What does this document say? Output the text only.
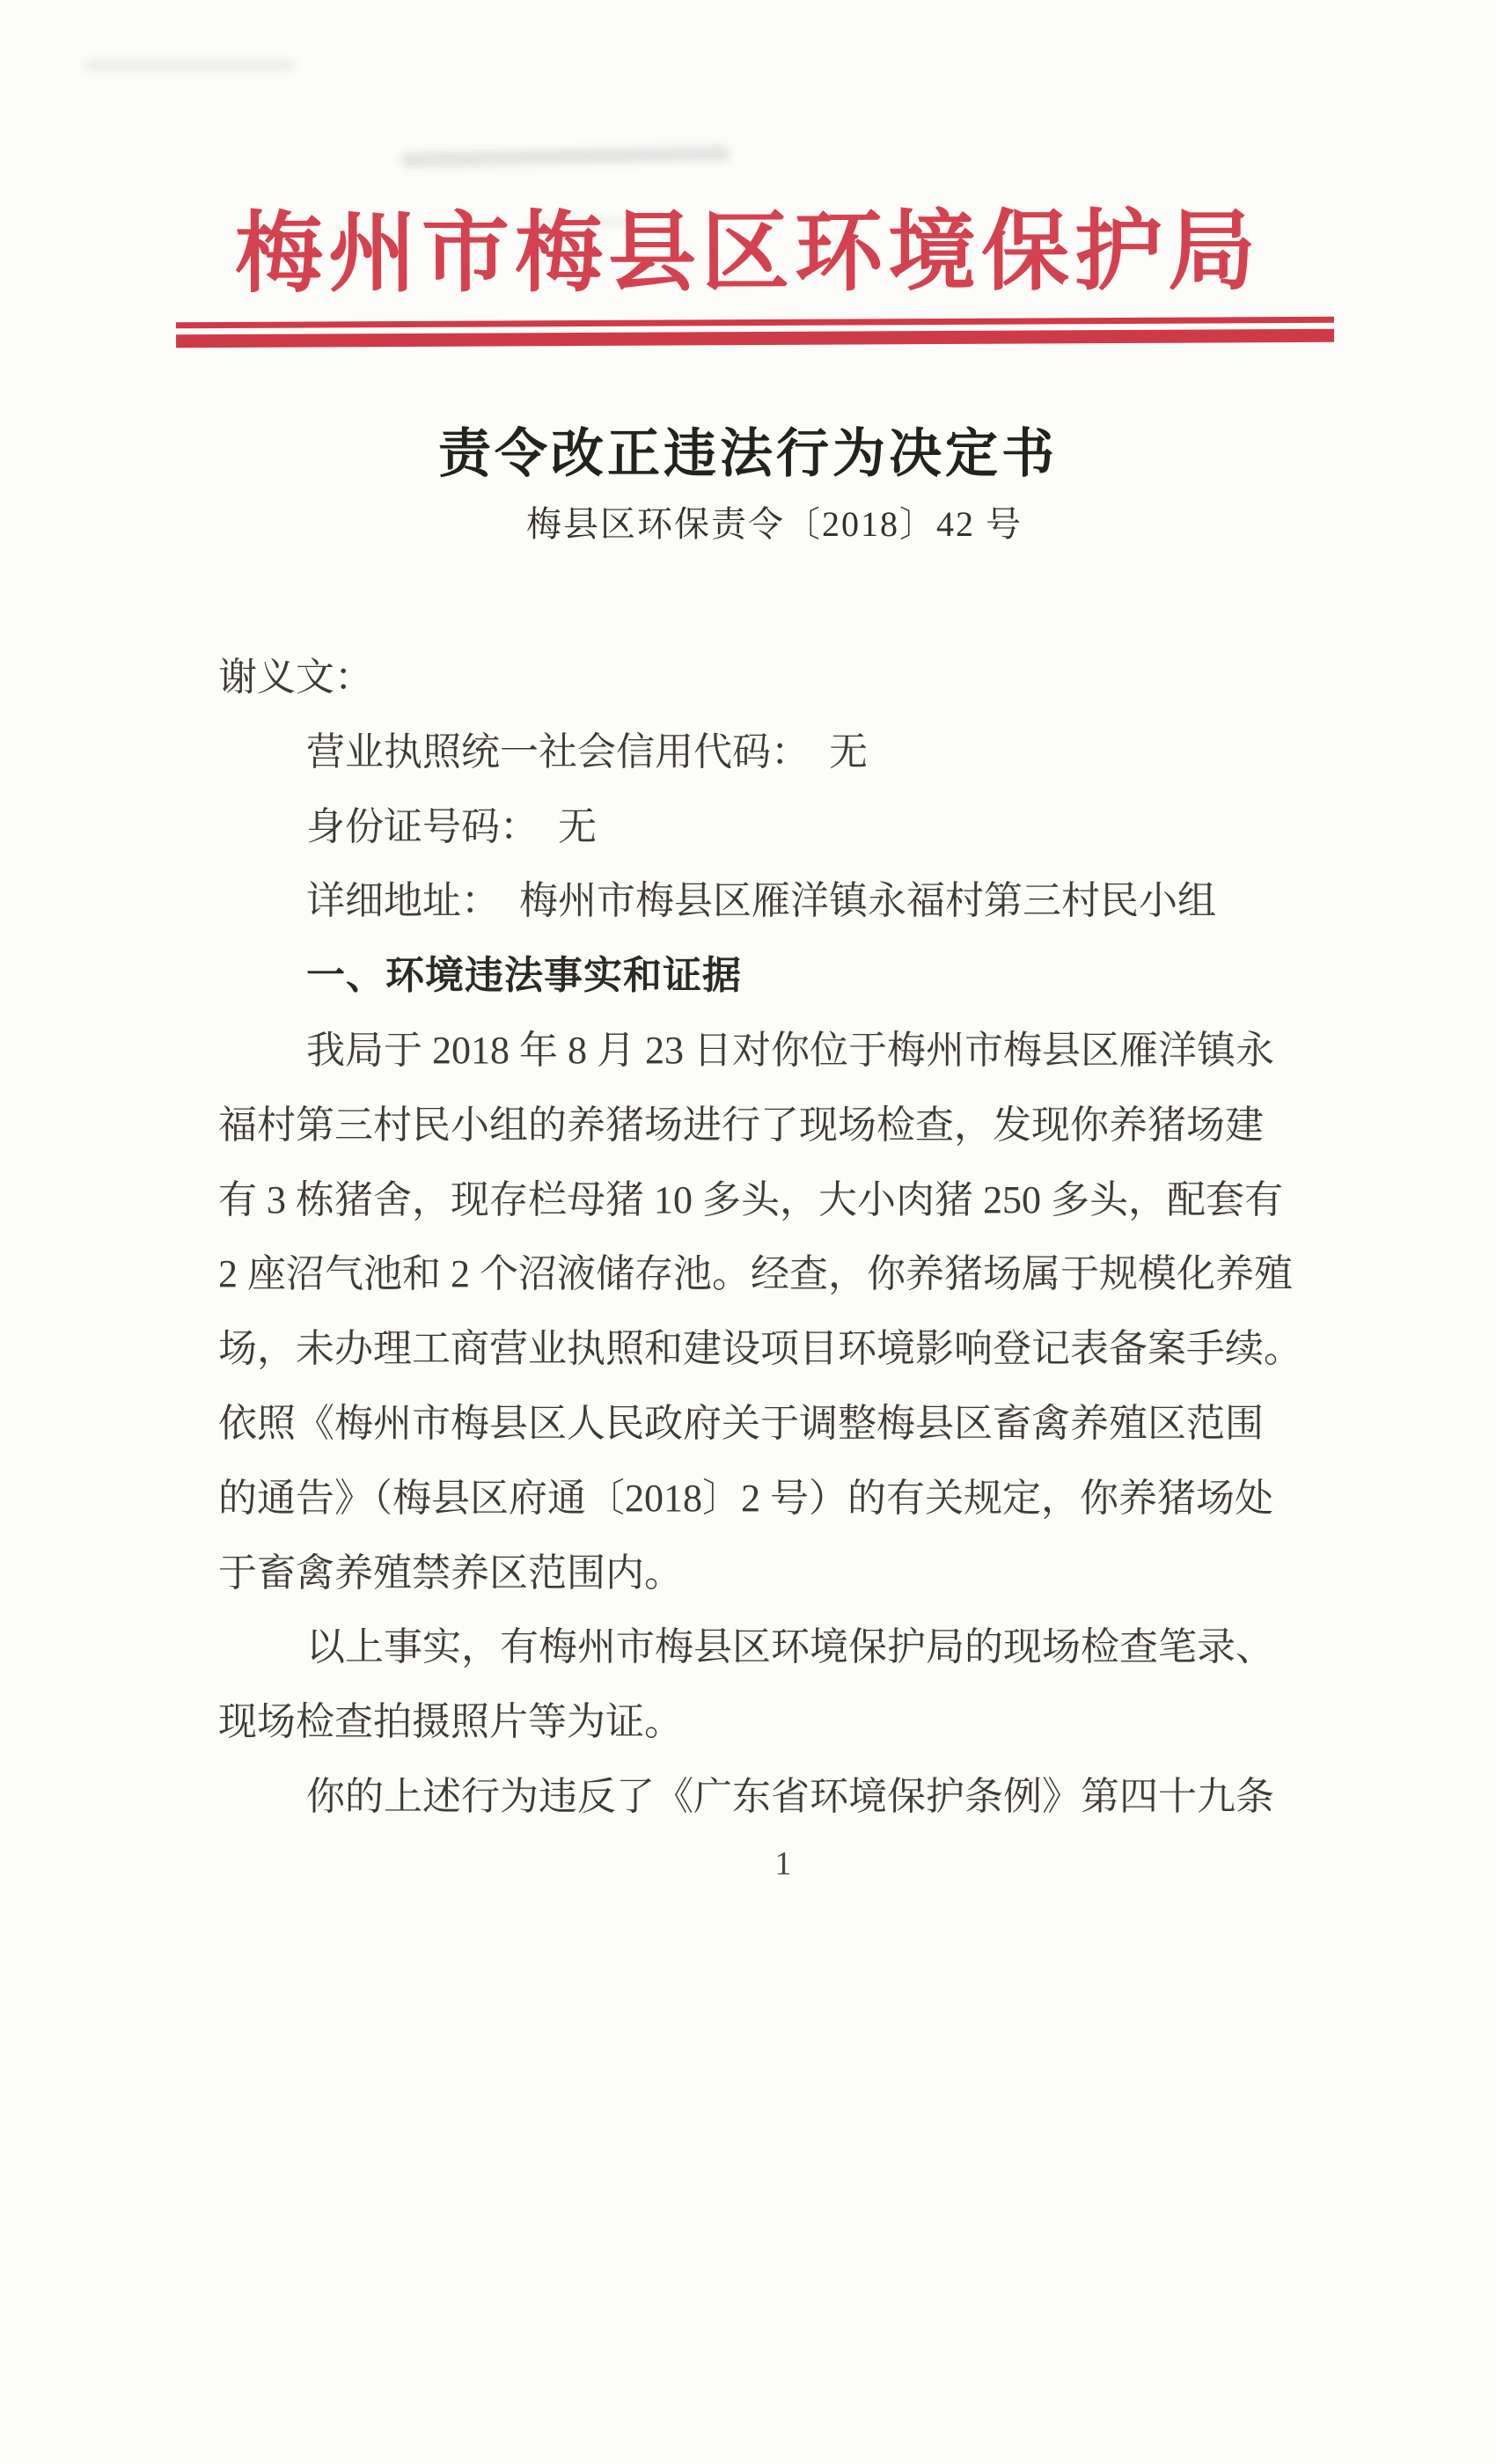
梅州市梅县区环境保护局
责令改正违法行为决定书
梅县区环保责令〔2018〕42 号
谢义文：
营业执照统一社会信用代码：  无
身份证号码：  无
详细地址：  梅州市梅县区雁洋镇永福村第三村民小组
一、环境违法事实和证据
我局于 2018 年 8 月 23 日对你位于梅州市梅县区雁洋镇永
福村第三村民小组的养猪场进行了现场检查，发现你养猪场建
有 3 栋猪舍，现存栏母猪 10 多头，大小肉猪 250 多头，配套有
2 座沼气池和 2 个沼液储存池。经查，你养猪场属于规模化养殖
场，未办理工商营业执照和建设项目环境影响登记表备案手续。
依照《梅州市梅县区人民政府关于调整梅县区畜禽养殖区范围
的通告》（梅县区府通〔2018〕2 号）的有关规定，你养猪场处
于畜禽养殖禁养区范围内。
以上事实，有梅州市梅县区环境保护局的现场检查笔录、
现场检查拍摄照片等为证。
你的上述行为违反了《广东省环境保护条例》第四十九条
1
